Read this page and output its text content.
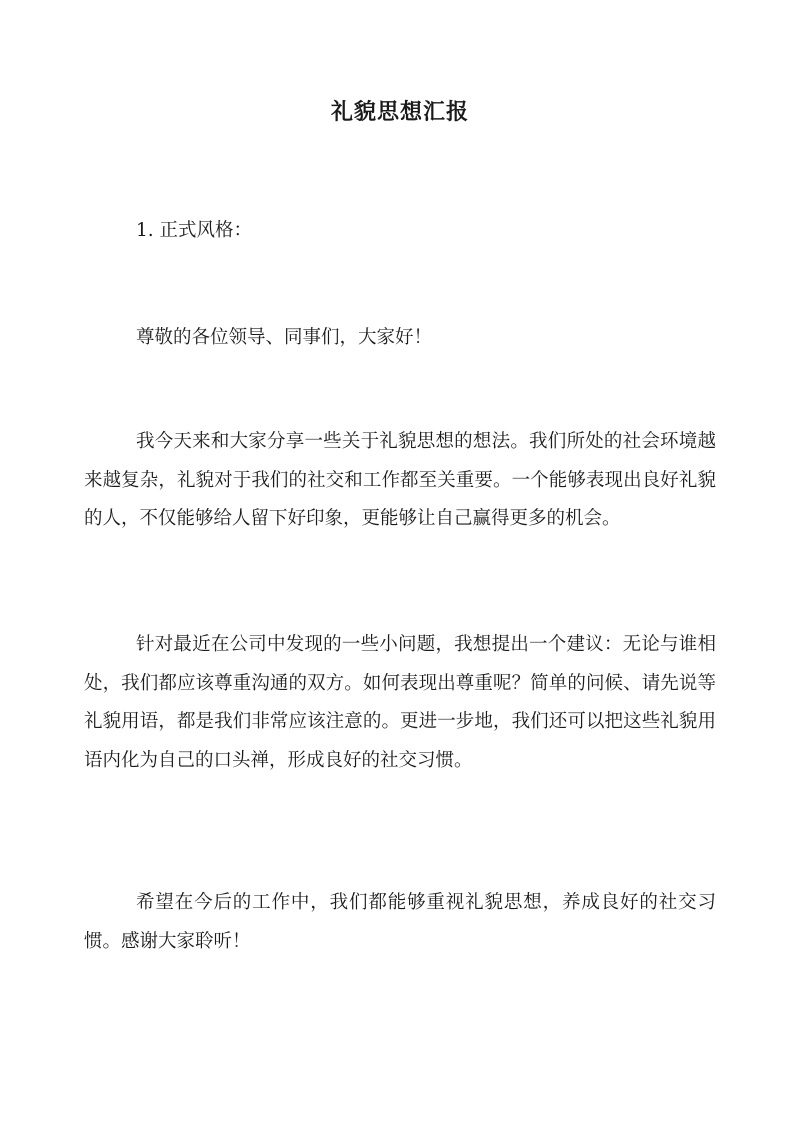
礼貌思想汇报

1. 正式风格：

尊敬的各位领导、同事们，大家好！

我今天来和大家分享一些关于礼貌思想的想法。我们所处的社会环境越来越复杂，礼貌对于我们的社交和工作都至关重要。一个能够表现出良好礼貌的人，不仅能够给人留下好印象，更能够让自己赢得更多的机会。

针对最近在公司中发现的一些小问题，我想提出一个建议：无论与谁相处，我们都应该尊重沟通的双方。如何表现出尊重呢？简单的问候、请先说等礼貌用语，都是我们非常应该注意的。更进一步地，我们还可以把这些礼貌用语内化为自己的口头禅，形成良好的社交习惯。

希望在今后的工作中，我们都能够重视礼貌思想，养成良好的社交习惯。感谢大家聆听！
